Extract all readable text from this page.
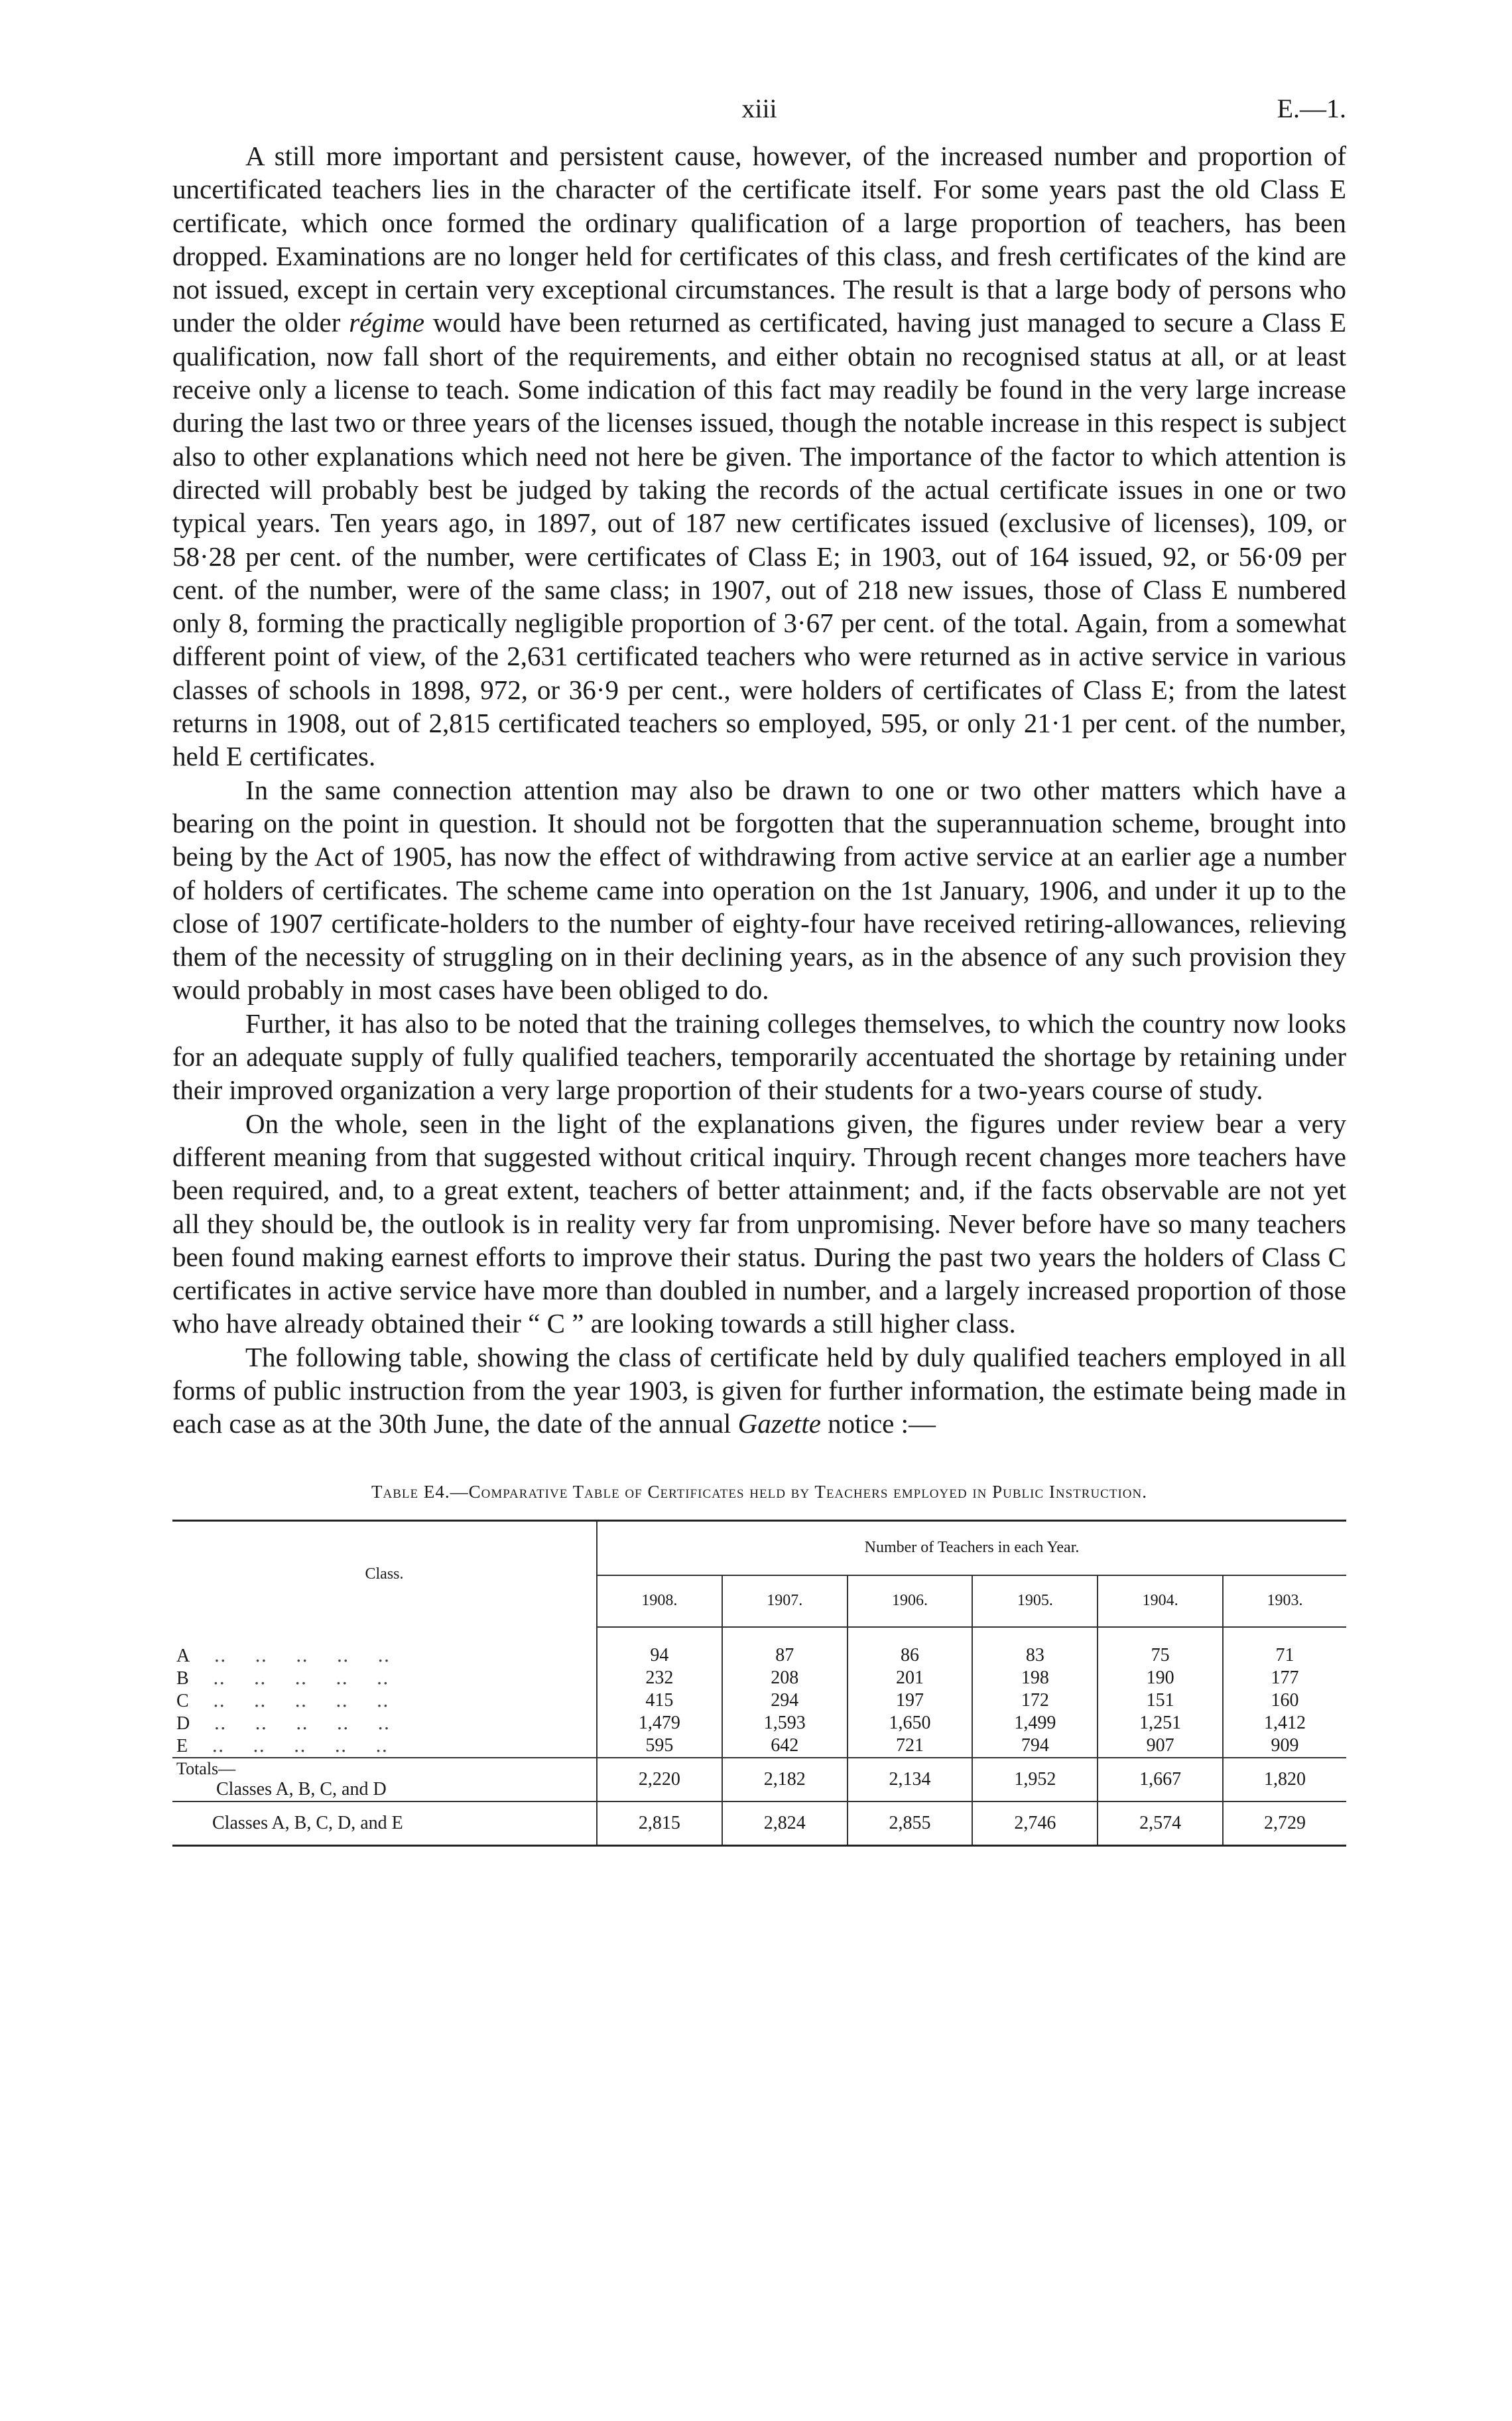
xiii	E.—1.

A still more important and persistent cause, however, of the increased number and proportion of uncertificated teachers lies in the character of the certificate itself. For some years past the old Class E certificate, which once formed the ordinary qualification of a large proportion of teachers, has been dropped. Examinations are no longer held for certificates of this class, and fresh certificates of the kind are not issued, except in certain very exceptional circumstances. The result is that a large body of persons who under the older régime would have been returned as certificated, having just managed to secure a Class E qualification, now fall short of the requirements, and either obtain no recognised status at all, or at least receive only a license to teach. Some indication of this fact may readily be found in the very large increase during the last two or three years of the licenses issued, though the notable increase in this respect is subject also to other explanations which need not here be given. The importance of the factor to which attention is directed will probably best be judged by taking the records of the actual certificate issues in one or two typical years. Ten years ago, in 1897, out of 187 new certificates issued (exclusive of licenses), 109, or 58·28 per cent. of the number, were certificates of Class E; in 1903, out of 164 issued, 92, or 56·09 per cent. of the number, were of the same class; in 1907, out of 218 new issues, those of Class E numbered only 8, forming the practically negligible proportion of 3·67 per cent. of the total. Again, from a somewhat different point of view, of the 2,631 certificated teachers who were returned as in active service in various classes of schools in 1898, 972, or 36·9 per cent., were holders of certificates of Class E; from the latest returns in 1908, out of 2,815 certificated teachers so employed, 595, or only 21·1 per cent. of the number, held E certificates.

In the same connection attention may also be drawn to one or two other matters which have a bearing on the point in question. It should not be forgotten that the superannuation scheme, brought into being by the Act of 1905, has now the effect of withdrawing from active service at an earlier age a number of holders of certificates. The scheme came into operation on the 1st January, 1906, and under it up to the close of 1907 certificate-holders to the number of eighty-four have received retiring-allowances, relieving them of the necessity of struggling on in their declining years, as in the absence of any such provision they would probably in most cases have been obliged to do.

Further, it has also to be noted that the training colleges themselves, to which the country now looks for an adequate supply of fully qualified teachers, temporarily accentuated the shortage by retaining under their improved organization a very large proportion of their students for a two-years course of study.

On the whole, seen in the light of the explanations given, the figures under review bear a very different meaning from that suggested without critical inquiry. Through recent changes more teachers have been required, and, to a great extent, teachers of better attainment; and, if the facts observable are not yet all they should be, the outlook is in reality very far from unpromising. Never before have so many teachers been found making earnest efforts to improve their status. During the past two years the holders of Class C certificates in active service have more than doubled in number, and a largely increased proportion of those who have already obtained their “ C ” are looking towards a still higher class.

The following table, showing the class of certificate held by duly qualified teachers employed in all forms of public instruction from the year 1903, is given for further information, the estimate being made in each case as at the 30th June, the date of the annual Gazette notice :—

Table E4.—Comparative Table of Certificates held by Teachers employed in Public Instruction.
Class.	Number of Teachers in each Year.					
	1908.	1907.	1906.	1905.	1904.	1903.
A ‥ ‥ ‥ ‥ ‥	94	87	86	83	75	71
B ‥ ‥ ‥ ‥ ‥	232	208	201	198	190	177
C ‥ ‥ ‥ ‥ ‥	415	294	197	172	151	160
D ‥ ‥ ‥ ‥ ‥	1,479	1,593	1,650	1,499	1,251	1,412
E ‥ ‥ ‥ ‥ ‥	595	642	721	794	907	909

Totals—
Classes A, B, C, and D	2,220	2,182	2,134	1,952	1,667	1,820
Classes A, B, C, D, and E	2,815	2,824	2,855	2,746	2,574	2,729
